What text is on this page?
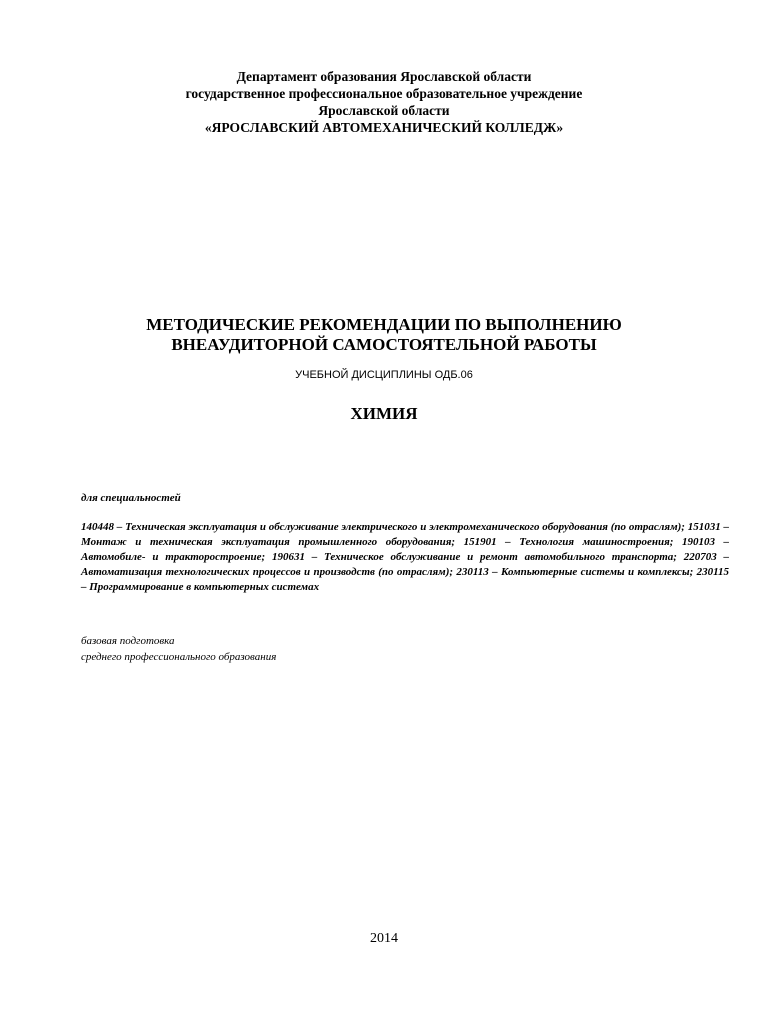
Департамент образования Ярославской области
государственное профессиональное образовательное учреждение
Ярославской области
«ЯРОСЛАВСКИЙ АВТОМЕХАНИЧЕСКИЙ КОЛЛЕДЖ»
МЕТОДИЧЕСКИЕ РЕКОМЕНДАЦИИ ПО ВЫПОЛНЕНИЮ
ВНЕАУДИТОРНОЙ САМОСТОЯТЕЛЬНОЙ РАБОТЫ
УЧЕБНОЙ ДИСЦИПЛИНЫ ОДБ.06
ХИМИЯ
для специальностей
140448 – Техническая эксплуатация и обслуживание электрического и электромеханического оборудования (по отраслям); 151031 – Монтаж и техническая эксплуатация промышленного оборудования; 151901 – Технология машиностроения; 190103 – Автомобиле- и тракторостроение; 190631 – Техническое обслуживание и ремонт автомобильного транспорта; 220703 – Автоматизация технологических процессов и производств (по отраслям); 230113 – Компьютерные системы и комплексы; 230115 – Программирование в компьютерных системах
базовая подготовка
среднего профессионального образования
2014
